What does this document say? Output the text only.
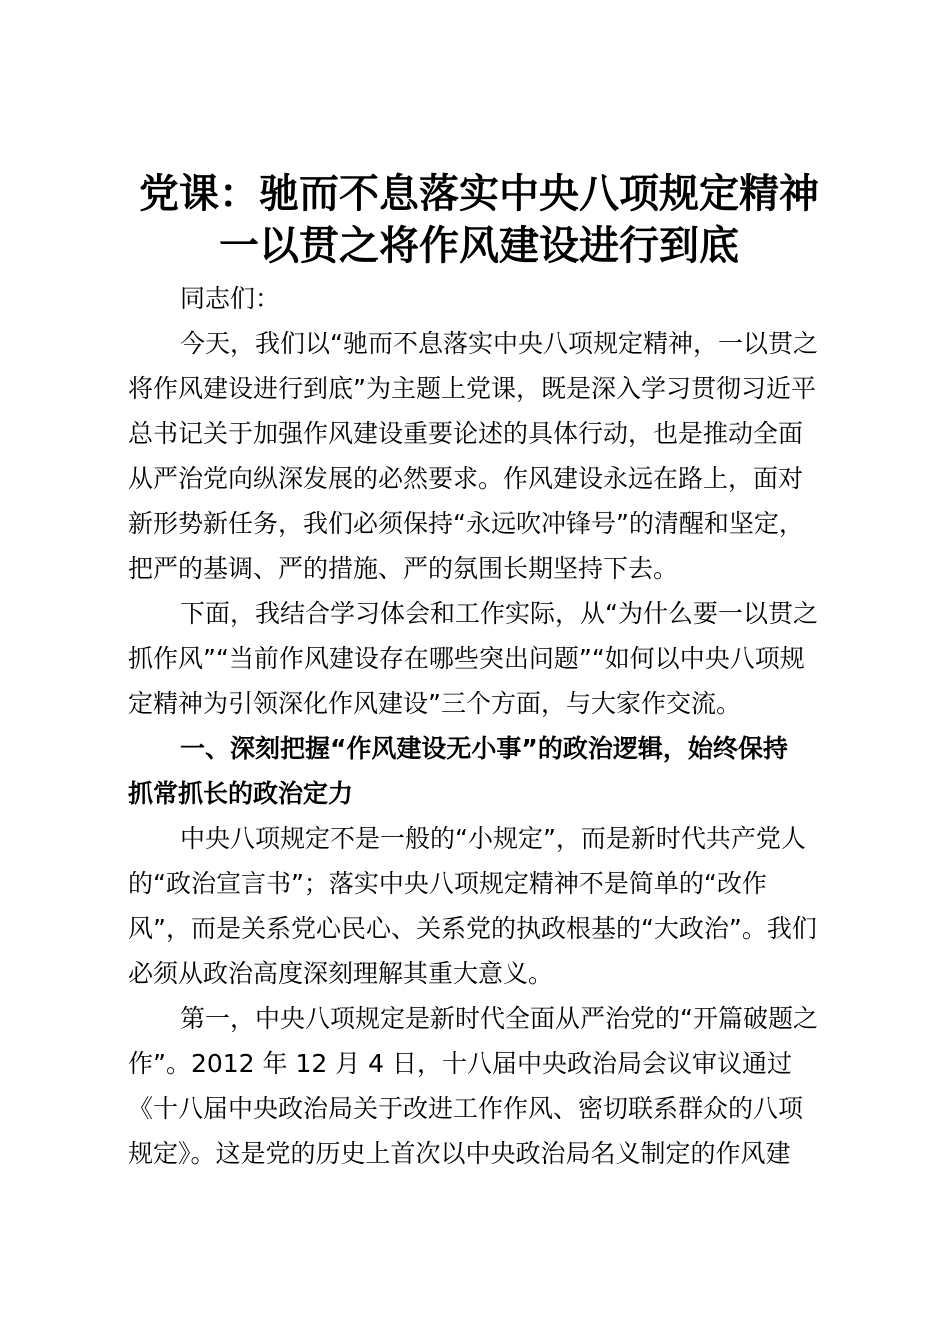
党课：驰而不息落实中央八项规定精神
一以贯之将作风建设进行到底
同志们：
今天，我们以“驰而不息落实中央八项规定精神，一以贯之
将作风建设进行到底”为主题上党课，既是深入学习贯彻习近平
总书记关于加强作风建设重要论述的具体行动，也是推动全面
从严治党向纵深发展的必然要求。作风建设永远在路上，面对
新形势新任务，我们必须保持“永远吹冲锋号”的清醒和坚定，
把严的基调、严的措施、严的氛围长期坚持下去。
下面，我结合学习体会和工作实际，从“为什么要一以贯之
抓作风”“当前作风建设存在哪些突出问题”“如何以中央八项规
定精神为引领深化作风建设”三个方面，与大家作交流。
一、深刻把握“作风建设无小事”的政治逻辑，始终保持
抓常抓长的政治定力
中央八项规定不是一般的“小规定”，而是新时代共产党人
的“政治宣言书”；落实中央八项规定精神不是简单的“改作
风”，而是关系党心民心、关系党的执政根基的“大政治”。我们
必须从政治高度深刻理解其重大意义。
第一，中央八项规定是新时代全面从严治党的“开篇破题之
作”。2012 年 12 月 4 日，十八届中央政治局会议审议通过
《十八届中央政治局关于改进工作作风、密切联系群众的八项
规定》。这是党的历史上首次以中央政治局名义制定的作风建
